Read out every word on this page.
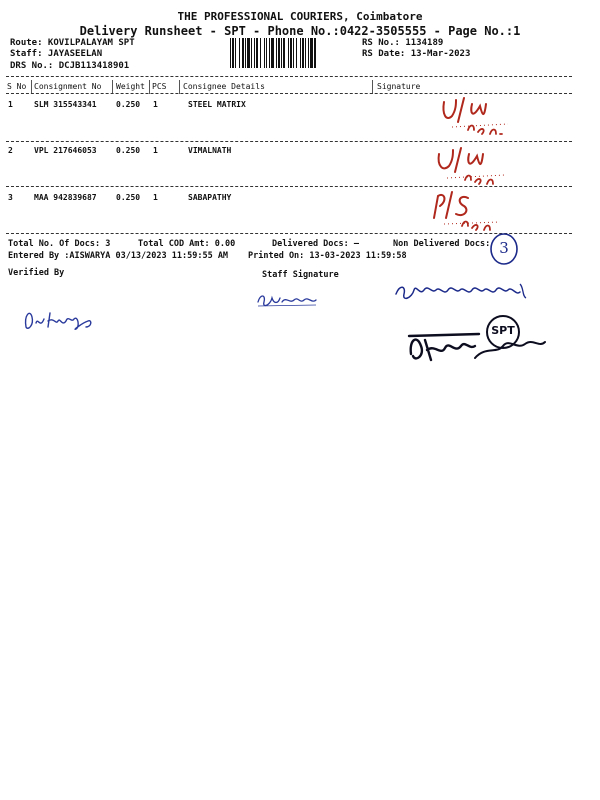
THE PROFESSIONAL COURIERS, Coimbatore
Delivery Runsheet - SPT - Phone No.:0422-3505555 - Page No.:1
Route: KOVILPALAYAM SPT
Staff: JAYASEELAN
DRS No.: DCJB113418901
RS No.: 1134189
RS Date: 13-Mar-2023
S No Consignment No Weight PCS Consignee Details	Signature
1	SLM 315543341 0.250 1	STEEL MATRIX
2	VPL 217646053 0.250 1	VIMALNATH
3	MAA 942839687 0.250 1	SABAPATHY
Total No. Of Docs: 3	Total COD Amt: 0.00	Delivered Docs: —	Non Delivered Docs: 3
Entered By :AISWARYA 03/13/2023 11:59:55 AM Printed On: 13-03-2023 11:59:58
Verified By	Staff Signature
SPT
